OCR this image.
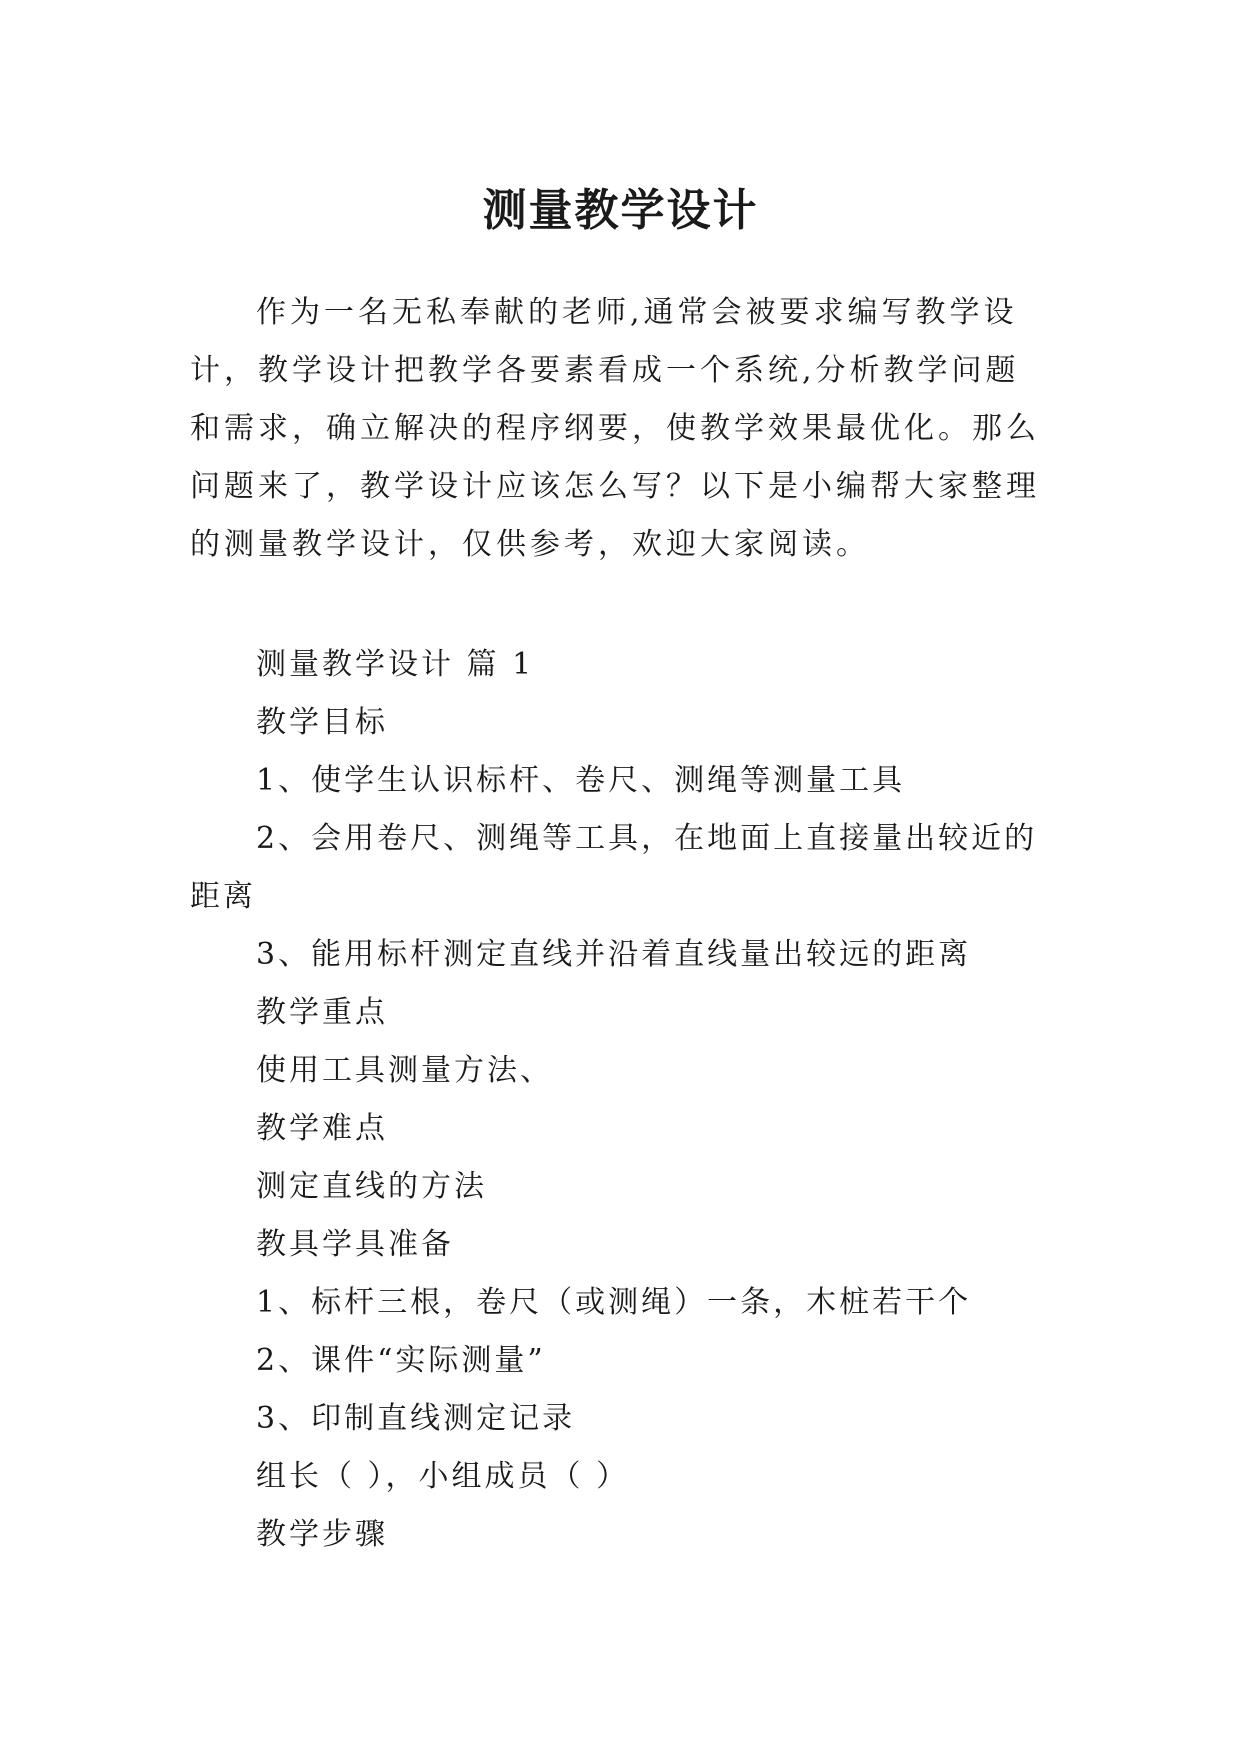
测量教学设计

作为一名无私奉献的老师,通常会被要求编写教学设计，教学设计把教学各要素看成一个系统,分析教学问题和需求，确立解决的程序纲要，使教学效果最优化。那么问题来了，教学设计应该怎么写？以下是小编帮大家整理的测量教学设计，仅供参考，欢迎大家阅读。

测量教学设计 篇 1

教学目标

1、使学生认识标杆、卷尺、测绳等测量工具

2、会用卷尺、测绳等工具，在地面上直接量出较近的距离

3、能用标杆测定直线并沿着直线量出较远的距离

教学重点

使用工具测量方法、

教学难点

测定直线的方法

教具学具准备

1、标杆三根，卷尺（或测绳）一条，木桩若干个

2、课件“实际测量”

3、印制直线测定记录

组长（ ），小组成员（ ）

教学步骤
